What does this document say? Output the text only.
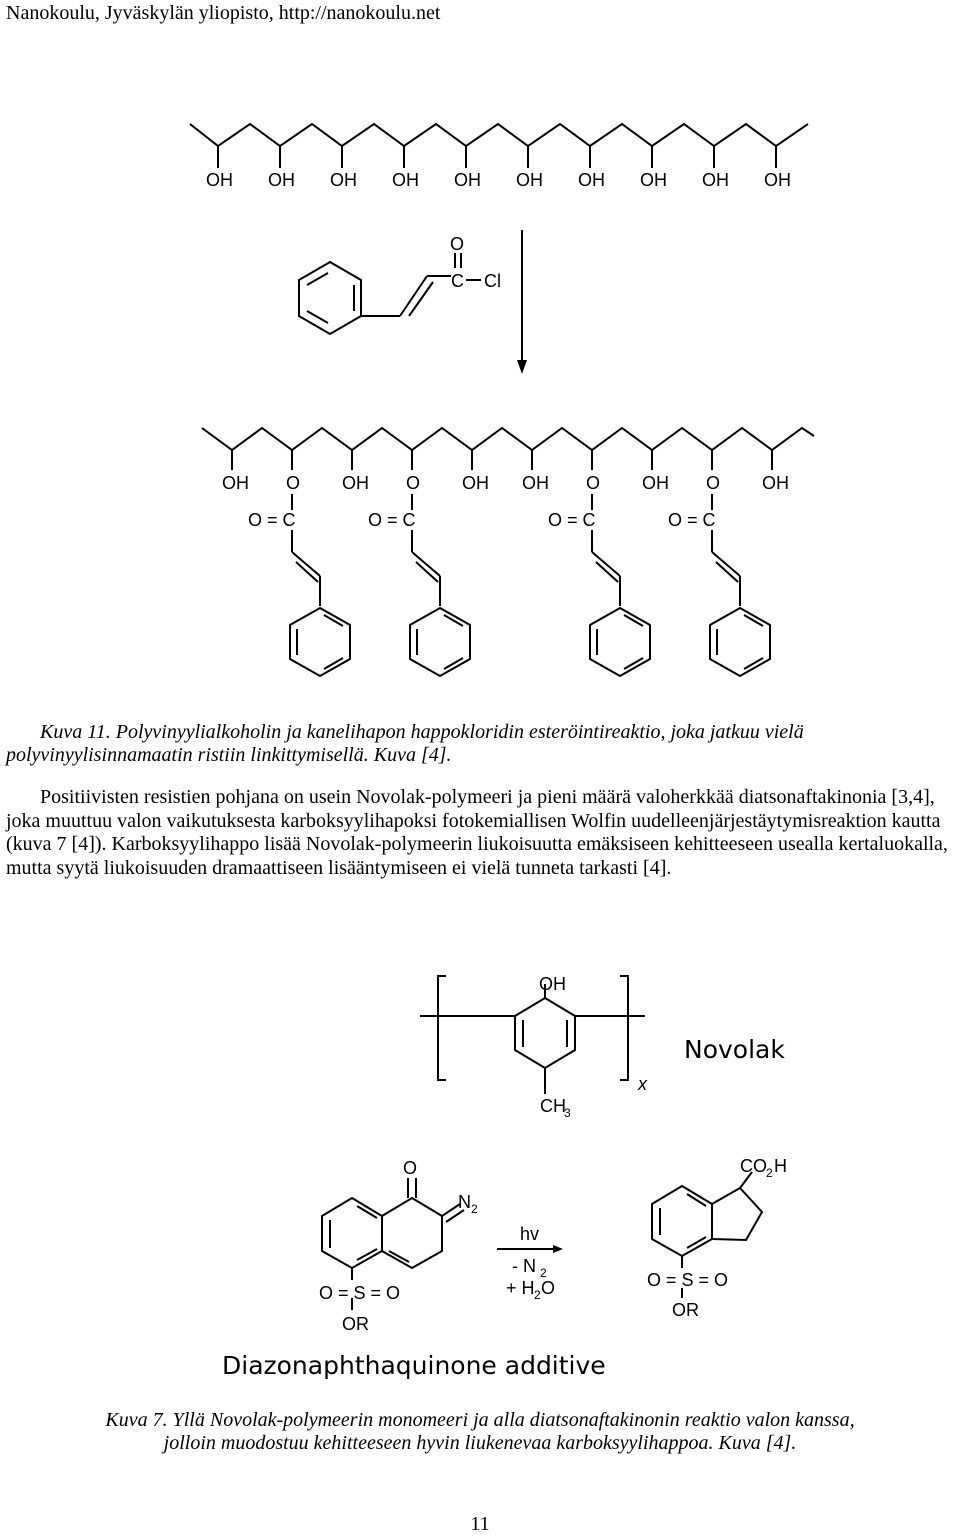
Nanokoulu, Jyväskylän yliopisto, http://nanokoulu.net
OH OH OH OH OH OH OH OH OH OH
O
C Cl
OH O OH O OH OH O OH O OH
O = C	O = C	O = C	O = C
Kuva 11. Polyvinyylialkoholin ja kanelihapon happokloridin esteröintireaktio, joka jatkuu vielä polyvinyylisinnamaatin ristiin linkittymisellä. Kuva [4].
Positiivisten resistien pohjana on usein Novolak-polymeeri ja pieni määrä valoherkkää diatsonaftakinonia [3,4], joka muuttuu valon vaikutuksesta karboksyylihapoksi fotokemiallisen Wolfin uudelleenjärjestäytymisreaktion kautta (kuva 7 [4]). Karboksyylihappo lisää Novolak-polymeerin liukoisuutta emäksiseen kehitteeseen usealla kertaluokalla, mutta syytä liukoisuuden dramaattiseen lisääntymiseen ei vielä tunneta tarkasti [4].
OH
CH
3
x
Novolak
O
N 2
O = S = O
OR
hv
- N 2
+ H 2 O
CO 2 H
O = S = O
OR
Diazonaphthaquinone additive
Kuva 7. Yllä Novolak-polymeerin monomeeri ja alla diatsonaftakinonin reaktio valon kanssa,
jolloin muodostuu kehitteeseen hyvin liukenevaa karboksyylihappoa. Kuva [4].
11
